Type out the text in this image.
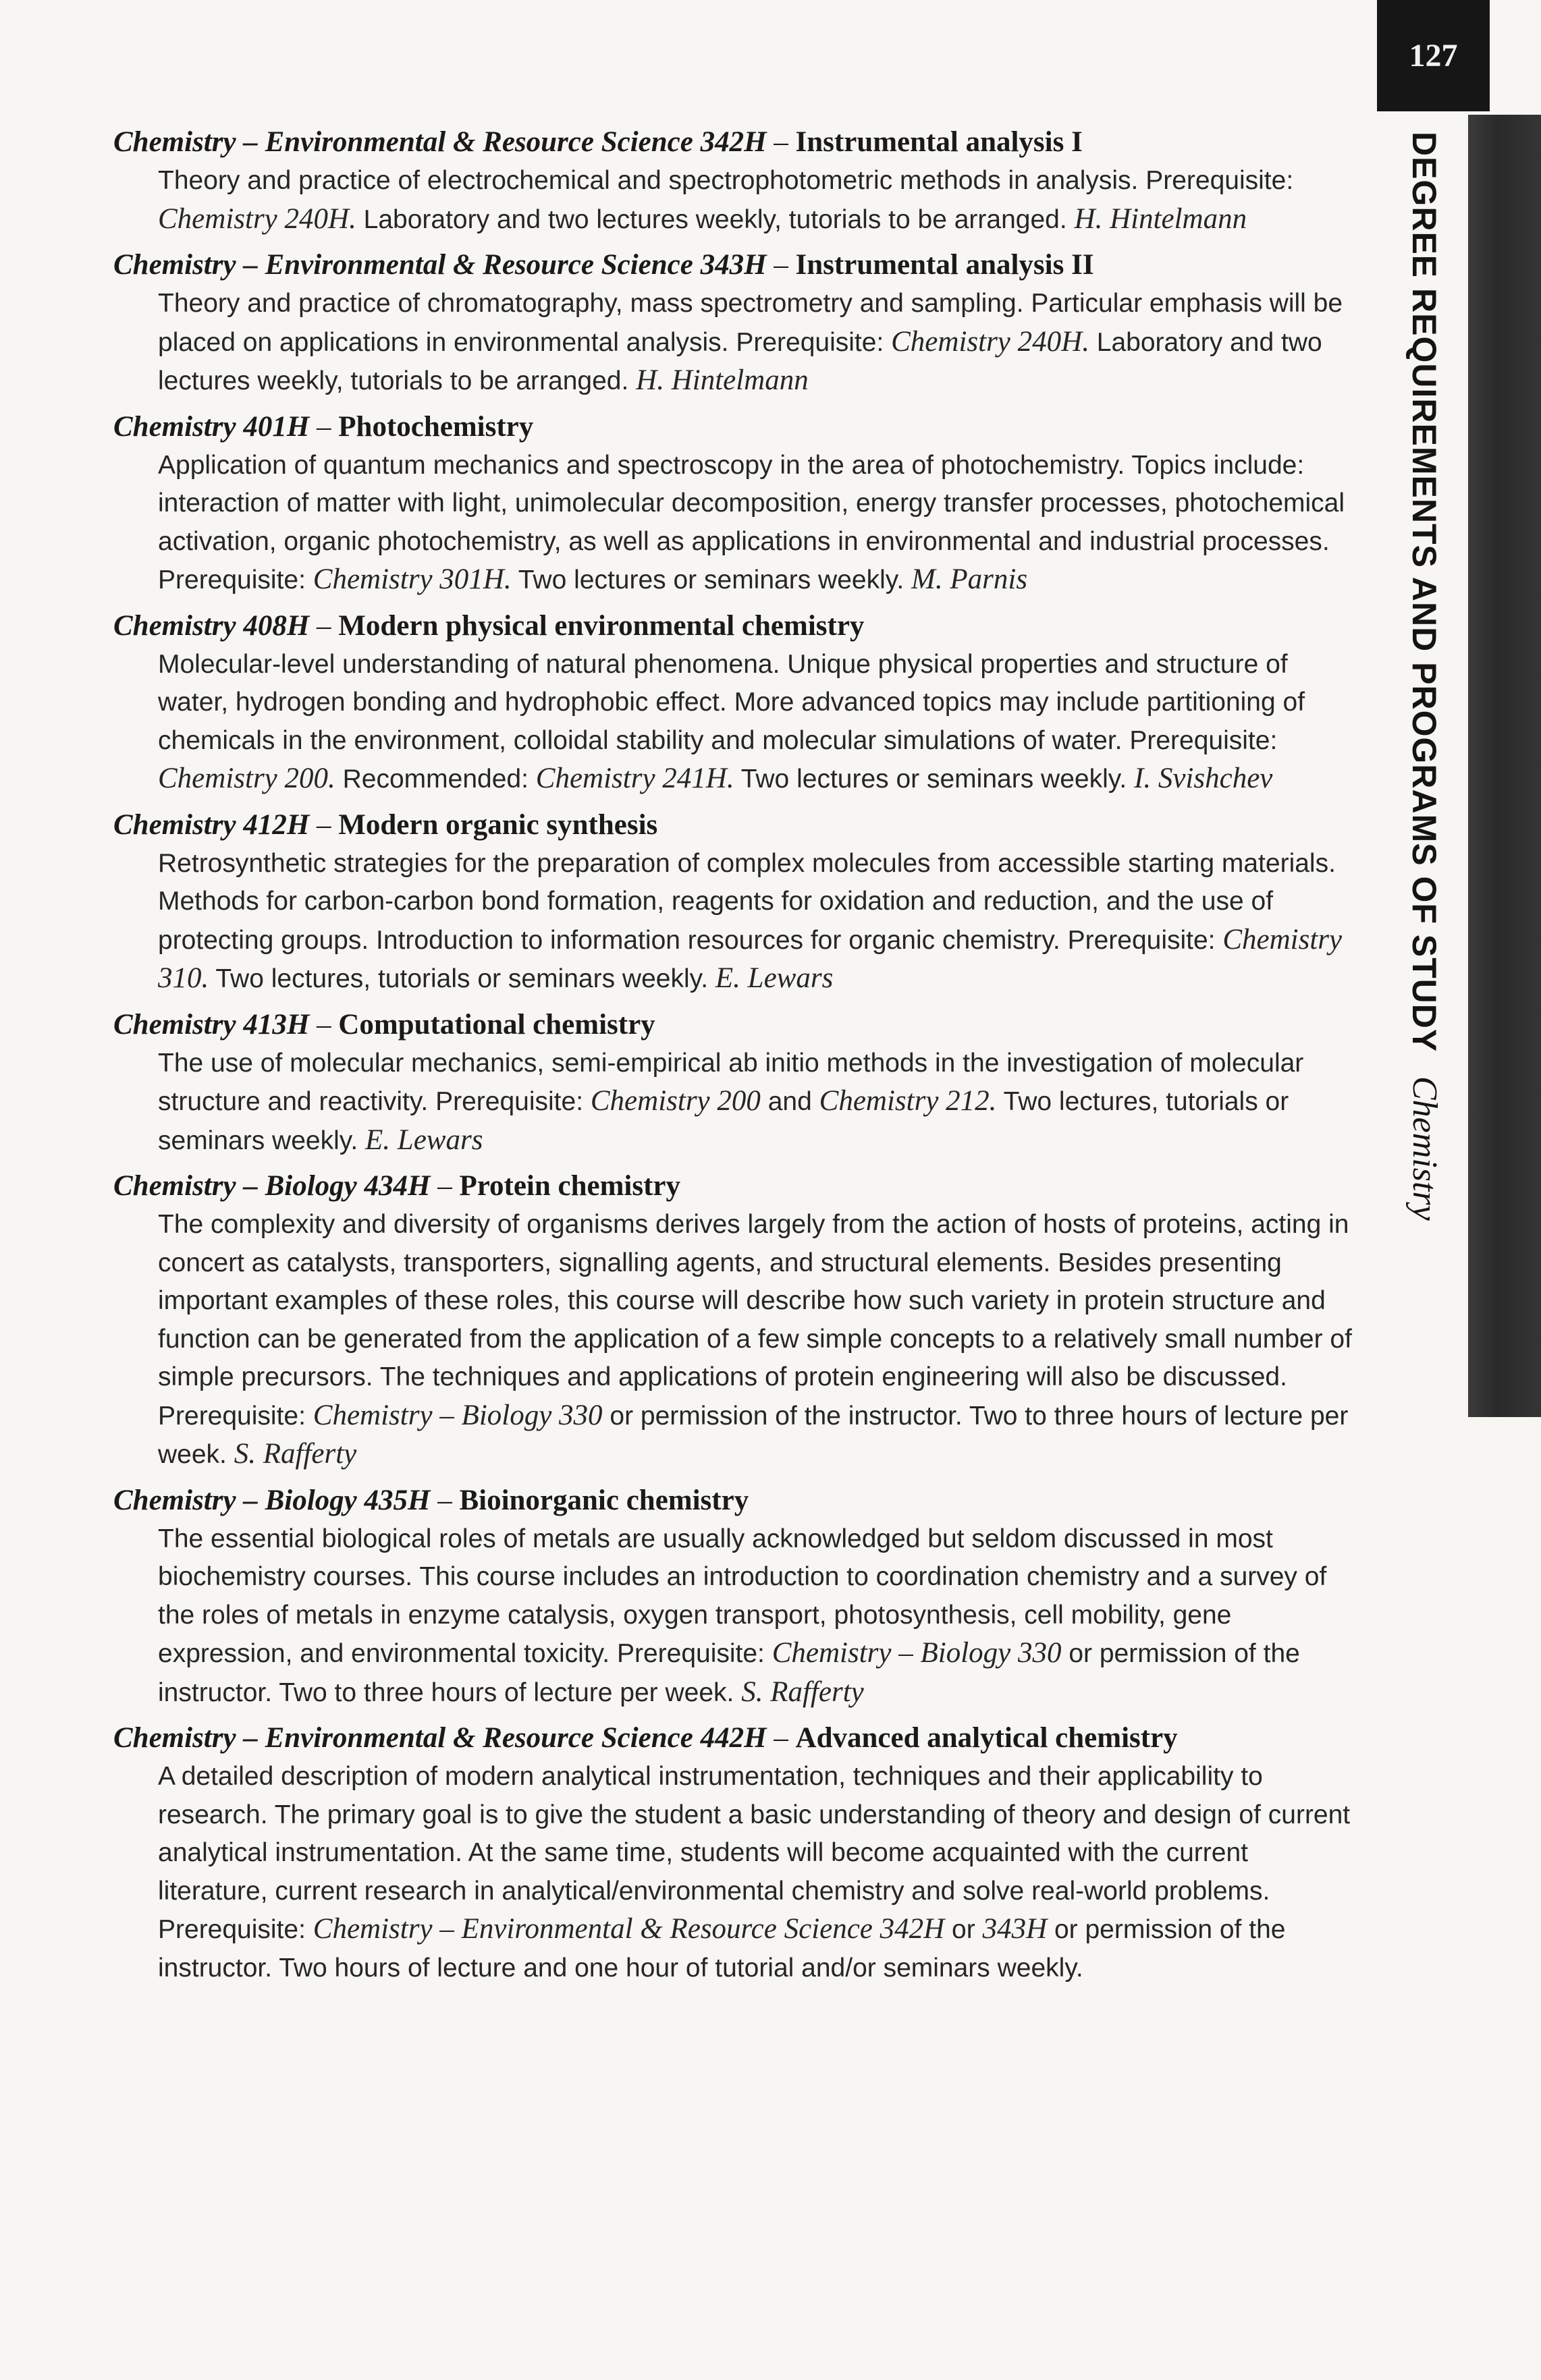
127
DEGREE REQUIREMENTS AND PROGRAMS OF STUDYChemistry

Chemistry – Environmental & Resource Science 342H – Instrumental analysis I

Theory and practice of electrochemical and spectrophotometric methods in analysis. Prerequisite: Chemistry 240H. Laboratory and two lectures weekly, tutorials to be arranged. H. Hintelmann

Chemistry – Environmental & Resource Science 343H – Instrumental analysis II

Theory and practice of chromatography, mass spectrometry and sampling. Particular emphasis will be placed on applications in environmental analysis. Prerequisite: Chemistry 240H. Laboratory and two lectures weekly, tutorials to be arranged. H. Hintelmann

Chemistry 401H – Photochemistry

Application of quantum mechanics and spectroscopy in the area of photochemistry. Topics include: interaction of matter with light, unimolecular decomposition, energy transfer processes, photochemical activation, organic photochemistry, as well as applications in environmental and industrial processes. Prerequisite: Chemistry 301H. Two lectures or seminars weekly. M. Parnis

Chemistry 408H – Modern physical environmental chemistry

Molecular-level understanding of natural phenomena. Unique physical properties and structure of water, hydrogen bonding and hydrophobic effect. More advanced topics may include partitioning of chemicals in the environment, colloidal stability and molecular simulations of water. Prerequisite: Chemistry 200. Recommended: Chemistry 241H. Two lectures or seminars weekly. I. Svishchev

Chemistry 412H – Modern organic synthesis

Retrosynthetic strategies for the preparation of complex molecules from accessible starting materials. Methods for carbon-carbon bond formation, reagents for oxidation and reduction, and the use of protecting groups. Introduction to information resources for organic chemistry. Prerequisite: Chemistry 310. Two lectures, tutorials or seminars weekly. E. Lewars

Chemistry 413H – Computational chemistry

The use of molecular mechanics, semi-empirical ab initio methods in the investigation of molecular structure and reactivity. Prerequisite: Chemistry 200 and Chemistry 212. Two lectures, tutorials or seminars weekly. E. Lewars

Chemistry – Biology 434H – Protein chemistry

The complexity and diversity of organisms derives largely from the action of hosts of proteins, acting in concert as catalysts, transporters, signalling agents, and structural elements. Besides presenting important examples of these roles, this course will describe how such variety in protein structure and function can be generated from the application of a few simple concepts to a relatively small number of simple precursors. The techniques and applications of protein engineering will also be discussed. Prerequisite: Chemistry – Biology 330 or permission of the instructor. Two to three hours of lecture per week. S. Rafferty

Chemistry – Biology 435H – Bioinorganic chemistry

The essential biological roles of metals are usually acknowledged but seldom discussed in most biochemistry courses. This course includes an introduction to coordination chemistry and a survey of the roles of metals in enzyme catalysis, oxygen transport, photosynthesis, cell mobility, gene expression, and environmental toxicity. Prerequisite: Chemistry – Biology 330 or permission of the instructor. Two to three hours of lecture per week. S. Rafferty

Chemistry – Environmental & Resource Science 442H – Advanced analytical chemistry

A detailed description of modern analytical instrumentation, techniques and their applicability to research. The primary goal is to give the student a basic understanding of theory and design of current analytical instrumentation. At the same time, students will become acquainted with the current literature, current research in analytical/environmental chemistry and solve real-world problems. Prerequisite: Chemistry – Environmental & Resource Science 342H or 343H or permission of the instructor. Two hours of lecture and one hour of tutorial and/or seminars weekly.
